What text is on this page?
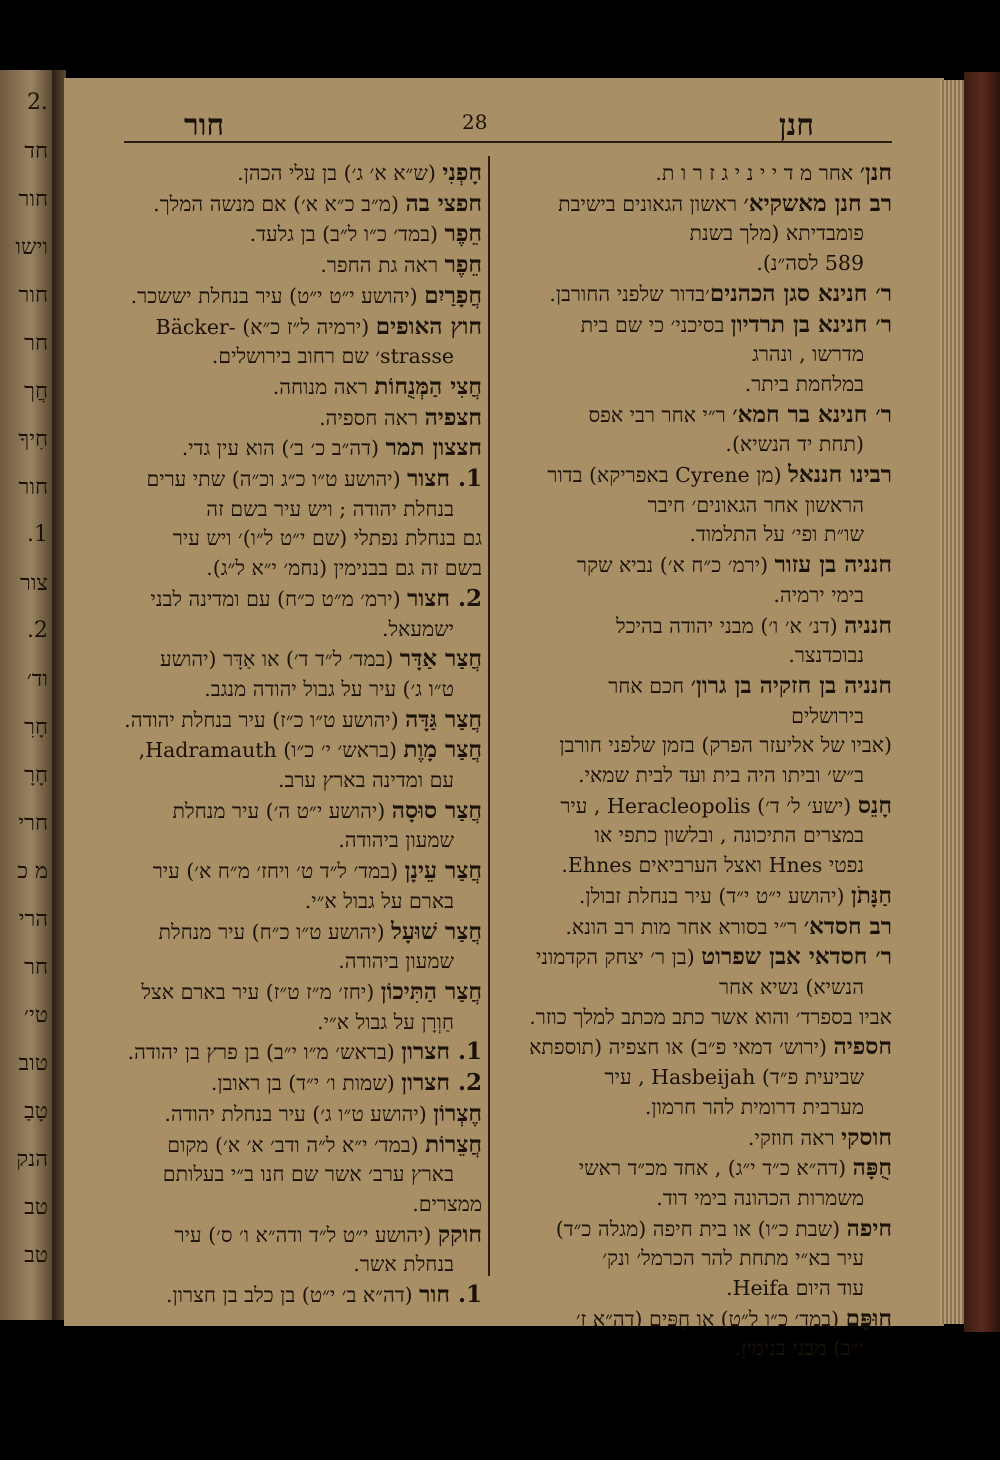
.2
חד
חור
וישו
חור
חר
חֲך
חִיךָ
חור
1.
צור
2.
וד׳
חָרִ
חָרָ
חרי
מ כ
הרי
חר
טי׳
טוב
טָבַ
הנק
טב
טב
חנן
28
חור

חנן׳ אחר מ ד י י נ י ג ז ר ו ת.

רב חנן מאשקיא׳ ראשון הגאונים בישיבת

פומבדיתא (מלך בשנת

589 לסה״נ).

ר׳ חנינא סגן הכהנים׳בדור שלפני החורבן.

ר׳ חנינא בן תרדיון בסיכני׳ כי שם בית

מדרשו , ונהרג

במלחמת ביתר.

ר׳ חנינא בר חמא׳ ר״י אחר רבי אפס

(תחת יד הנשיא).

רבינו חננאל (מן Cyrene באפריקא) בדור

הראשון אחר הגאונים׳ חיבר

שו״ת ופי׳ על התלמוד.

חנניה בן עזור (ירמ׳ כ״ח א׳) נביא שקר

בימי ירמיה.

חנניה (דנ׳ א׳ ו׳) מבני יהודה בהיכל

נבוכדנצר.

חנניה בן חזקיה בן גרון׳ חכם אחר

בירושלים

(אביו של אליעזר הפרק) בזמן שלפני חורבן

ב״ש׳ וביתו היה בית ועד לבית שמאי.

חָנֵס (ישע׳ ל׳ ד׳) Heracleopolis , עיר

במצרים התיכונה , ובלשון כתפי או

נפטי Hnes ואצל הערביאים Ehnes.

חַנָּתֹן (יהושע י״ט י״ד) עיר בנחלת זבולן.

רב חסדא׳ ר״י בסורא אחר מות רב הונא.

ר׳ חסדאי אבן שפרוט (בן ר׳ יצחק הקדמוני

הנשיא) נשיא אחר

אביו בספרד׳ והוא אשר כתב מכתב למלך כוזר.

חספיה (ירוש׳ דמאי פ״ב) או חצפיה (תוספתא

שביעית פ״ד) Hasbeijah , עיר

מערבית דרומית להר חרמון.

חוסקי ראה חוזקי.

חֻפָּה (דה״א כ״ד י״ג) , אחד מכ״ד ראשי

משמרות הכהונה בימי דוד.

חיפה (שבת כ״ו) או בית חיפה (מגלה כ״ד)

עיר בא״י מתחת להר הכרמל׳ ונק׳

עוד היום Heifa.

חוּפָּם (במד׳ כ״ו ל״ט) או חֻפִּים (דה״א ז׳

י״ב) מבני בנימין.

חָפְנִי (ש״א א׳ ג׳) בן עלי הכהן.

חפצי בה (מ״ב כ״א א׳) אם מנשה המלך.

חֵפֶר (במד׳ כ״ו ל״ב) בן גלעד.

חֵפֶר ראה גת החפר.

חֲפָרַיִם (יהושע י״ט י״ט) עיר בנחלת יששכר.

חוץ האופים (ירמיה ל״ז כ״א) -Bäcker

strasse׳ שם רחוב בירושלים.

חֲצִי הַמְּנֻחוֹת ראה מנוחה.

חצפיה ראה חספיה.

חצצון תמר (דה״ב כ׳ ב׳) הוא עין גדי.

1. חצור (יהושע ט״ו כ״ג וכ״ה) שתי ערים

בנחלת יהודה ; ויש עיר בשם זה

גם בנחלת נפתלי (שם י״ט ל״ו)׳ ויש עיר

בשם זה גם בבנימין (נחמ׳ י״א ל״ג).

2. חצור (ירמ׳ מ״ט כ״ח) עם ומדינה לבני

ישמעאל.

חֲצַר אַדָּר (במד׳ ל״ד ד׳) או אַדָּר (יהושע

ט״ו ג׳) עיר על גבול יהודה מנגב.

חֲצַר גַּדָּה (יהושע ט״ו כ״ז) עיר בנחלת יהודה.

חֲצַר מָוֶת (בראש׳ י׳ כ״ו) Hadramauth,

עם ומדינה בארץ ערב.

חֲצַר סוּסָה (יהושע י״ט ה׳) עיר מנחלת

שמעון ביהודה.

חֲצַר עֵינָן (במד׳ ל״ד ט׳ ויחז׳ מ״ח א׳) עיר

בארם על גבול א״י.

חֲצַר שׁוּעָל (יהושע ט״ו כ״ח) עיר מנחלת

שמעון ביהודה.

חֲצַר הַתִּיכוֹן (יחז׳ מ״ז ט״ז) עיר בארם אצל

חַוְרָן על גבול א״י.

1. חצרון (בראש׳ מ״ו י״ב) בן פרץ בן יהודה.

2. חצרון (שמות ו׳ י״ד) בן ראובן.

חֶצְרוֹן (יהושע ט״ו ג׳) עיר בנחלת יהודה.

חֲצֵרוֹת (במד׳ י״א ל״ה ודב׳ א׳ א׳) מקום

בארץ ערב׳ אשר שם חנו ב״י בעלותם

ממצרים.

חוקק (יהושע י״ט ל״ד ודה״א ו׳ ס׳) עיר

בנחלת אשר.

1. חור (דה״א ב׳ י״ט) בן כלב בן חצרון.
